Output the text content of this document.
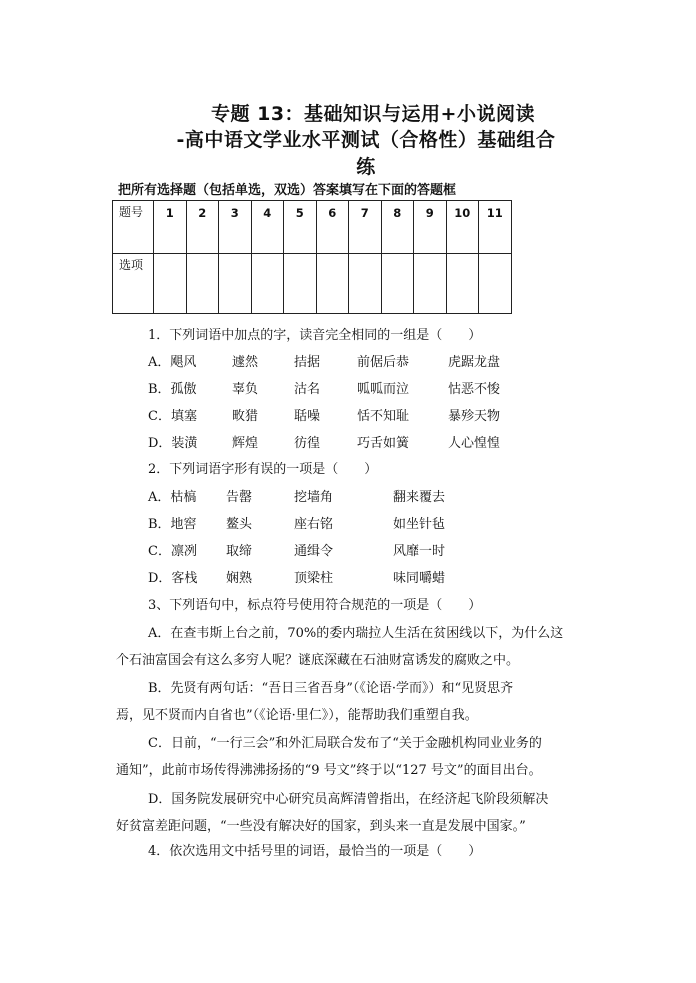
专题 13：基础知识与运用+小说阅读
-高中语文学业水平测试（合格性）基础组合
练
把所有选择题（包括单选，双选）答案填写在下面的答题框
题号	1	2	3	4	5	6	7	8	9	10	11
选项											
1．下列词语中加点的字，读音完全相同的一组是（　　）
A．飓风	遽然	拮据	前倨后恭	虎踞龙盘
B．孤傲	辜负	沽名	呱呱而泣	怙恶不悛
C．填塞	畋猎	聒噪	恬不知耻	暴殄天物
D．装潢	辉煌	彷徨	巧舌如簧	人心惶惶
2．下列词语字形有误的一项是（　　）
A．枯槁 告罄	挖墙角	翻来覆去
B．地窖 鳌头	座右铭	如坐针毡
C．凛冽 取缔	通缉令	风靡一时
D．客栈 娴熟	顶梁柱	味同嚼蜡
3、下列语句中，标点符号使用符合规范的一项是（　　）
A．在查韦斯上台之前，70%的委内瑞拉人生活在贫困线以下，为什么这
个石油富国会有这么多穷人呢？谜底深藏在石油财富诱发的腐败之中。
B．先贤有两句话：“吾日三省吾身”（《论语·学而》）和“见贤思齐
焉，见不贤而内自省也”（《论语·里仁》），能帮助我们重塑自我。
C．日前，“一行三会”和外汇局联合发布了“关于金融机构同业业务的
通知”，此前市场传得沸沸扬扬的“9 号文”终于以“127 号文”的面目出台。
D．国务院发展研究中心研究员高辉清曾指出，在经济起飞阶段须解决
好贫富差距问题，“一些没有解决好的国家，到头来一直是发展中国家。”
4．依次选用文中括号里的词语，最恰当的一项是（　　）
